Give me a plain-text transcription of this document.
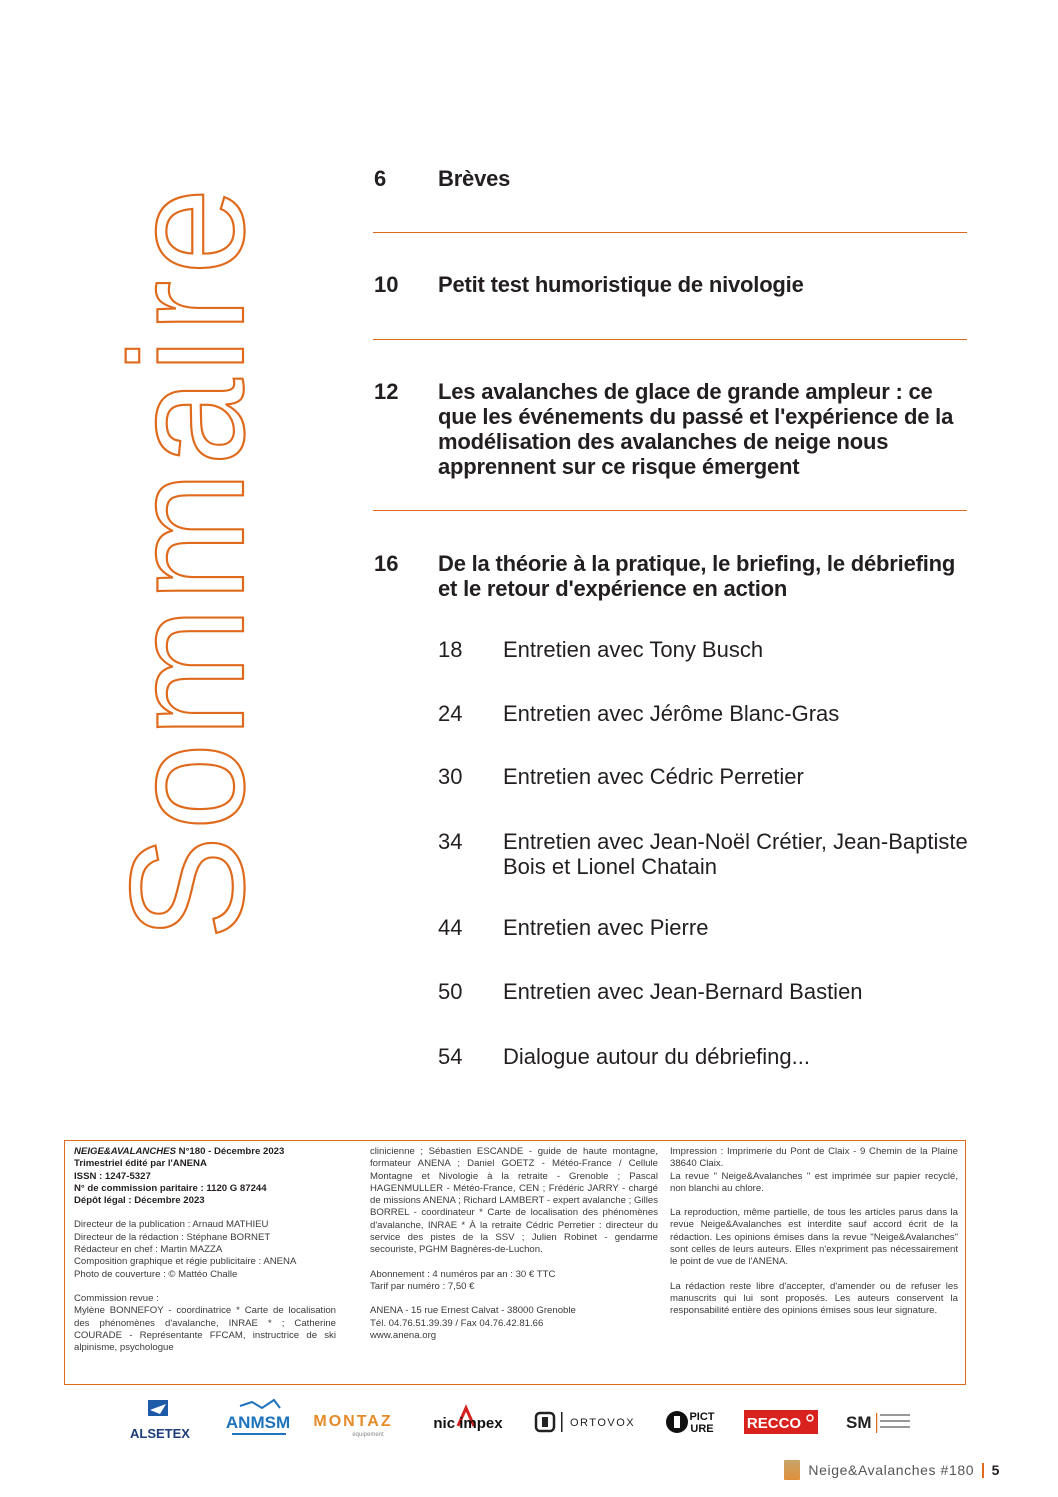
Sommaire	6 Brèves
10 Petit test humoristique de nivologie
12 Les avalanches de glace de grande ampleur : ce que les événements du passé et l'expérience de la modélisation des avalanches de neige nous apprennent sur ce risque émergent
16 De la théorie à la pratique, le briefing, le débriefing et le retour d'expérience en action
18 Entretien avec Tony Busch
24 Entretien avec Jérôme Blanc-Gras
30 Entretien avec Cédric Perretier
34 Entretien avec Jean-Noël Crétier, Jean-Baptiste Bois et Lionel Chatain
44 Entretien avec Pierre
50 Entretien avec Jean-Bernard Bastien
54 Dialogue autour du débriefing...

NEIGE&AVALANCHES N°180 - Décembre 2023
Trimestriel édité par l'ANENA
ISSN : 1247-5327
N° de commission paritaire : 1120 G 87244
Dépôt légal : Décembre 2023

Directeur de la publication : Arnaud MATHIEU
Directeur de la rédaction : Stéphane BORNET
Rédacteur en chef : Martin MAZZA
Composition graphique et régie publicitaire : ANENA
Photo de couverture : © Mattéo Challe

Commission revue :
Mylène BONNEFOY - coordinatrice * Carte de localisation des phénomènes d'avalanche, INRAE * ; Catherine COURADE - Représentante FFCAM, instructrice de ski alpinisme, psychologue

clinicienne ; Sébastien ESCANDE - guide de haute montagne, formateur ANENA ; Daniel GOETZ - Météo-France / Cellule Montagne et Nivologie à la retraite - Grenoble ; Pascal HAGENMULLER - Météo-France, CEN ; Frédéric JARRY - chargé de missions ANENA ; Richard LAMBERT - expert avalanche ; Gilles BORREL - coordinateur * Carte de localisation des phénomènes d'avalanche, INRAE * À la retraite Cédric Perretier : directeur du service des pistes de la SSV ; Julien Robinet - gendarme secouriste, PGHM Bagnères-de-Luchon.

Abonnement : 4 numéros par an : 30 € TTC
Tarif par numéro : 7,50 €

ANENA - 15 rue Ernest Calvat - 38000 Grenoble
Tél. 04.76.51.39.39 / Fax 04.76.42.81.66
www.anena.org

Impression : Imprimerie du Pont de Claix - 9 Chemin de la Plaine 38640 Claix.
La revue " Neige&Avalanches " est imprimée sur papier recyclé, non blanchi au chlore.

La reproduction, même partielle, de tous les articles parus dans la revue Neige&Avalanches est interdite sauf accord écrit de la rédaction. Les opinions émises dans la revue "Neige&Avalanches" sont celles de leurs auteurs. Elles n'expriment pas nécessairement le point de vue de l'ANENA.

La rédaction reste libre d'accepter, d'amender ou de refuser les manuscrits qui lui sont proposés. Les auteurs conservent la responsabilité entière des opinions émises sous leur signature.

ALSETEX
ANMSM MONTAZ
équipement
nic impex	ORTOVOX	PICT
URE RECCO	SM
Neige&Avalanches #180 5
